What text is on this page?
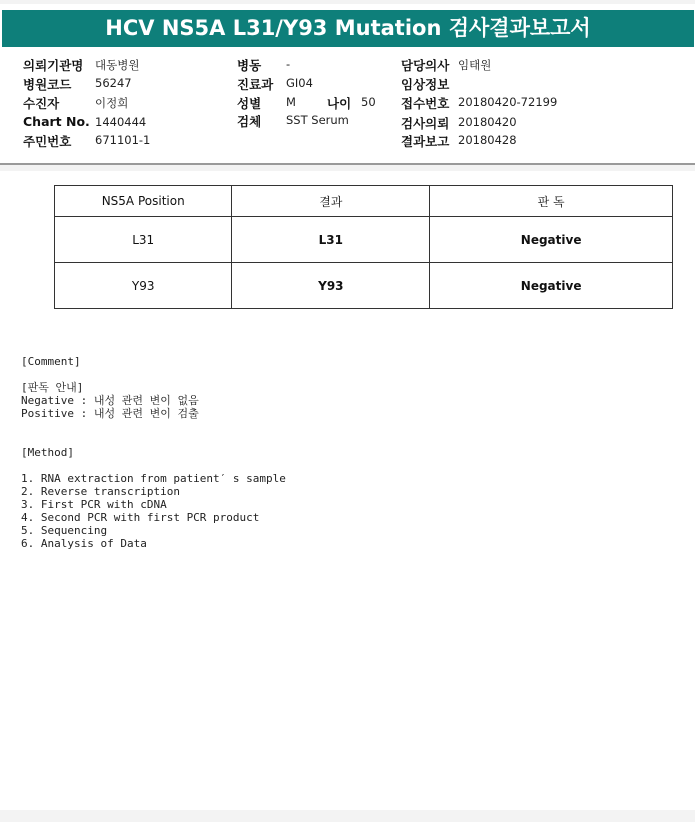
HCV NS5A L31/Y93 Mutation 검사결과보고서
의뢰기관명 대동병원
병원코드 56247
수진자	이정희
Chart No. 1440444
주민번호 671101-1
병동 -
진료과 GI04
성별 M 나이 50
검체 SST Serum
담당의사 임태원
임상정보
접수번호 20180420-72199
검사의뢰 20180420
결과보고 20180428
NS5A Position	결과	판 독
L31	L31	Negative
Y93	Y93	Negative
[Comment]
[판독 안내]
Negative : 내성 관련 변이 없음
Positive : 내성 관련 변이 검출
[Method]
1. RNA extraction from patient′ s sample
2. Reverse transcription
3. First PCR with cDNA
4. Second PCR with first PCR product
5. Sequencing
6. Analysis of Data
